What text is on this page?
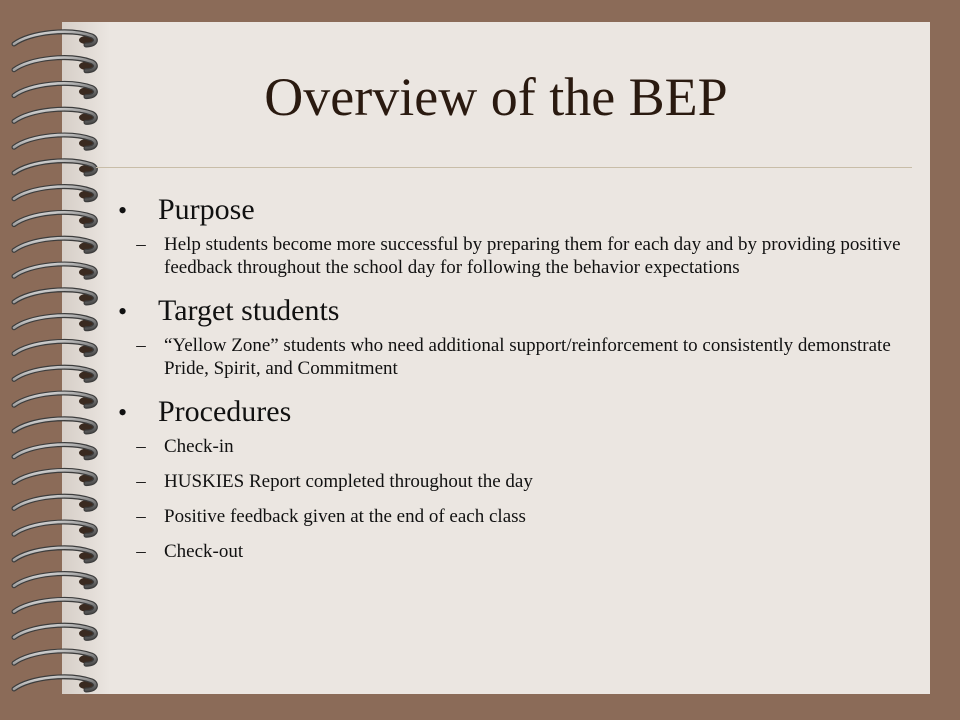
Overview of the BEP
•	Purpose
– Help students become more successful by preparing them for each day and by providing positive feedback throughout the school day for following the behavior expectations
•	Target students
– “Yellow Zone” students who need additional support/reinforcement to consistently demonstrate Pride, Spirit, and Commitment
•	Procedures
– Check-in
– HUSKIES Report completed throughout the day
– Positive feedback given at the end of each class
– Check-out
